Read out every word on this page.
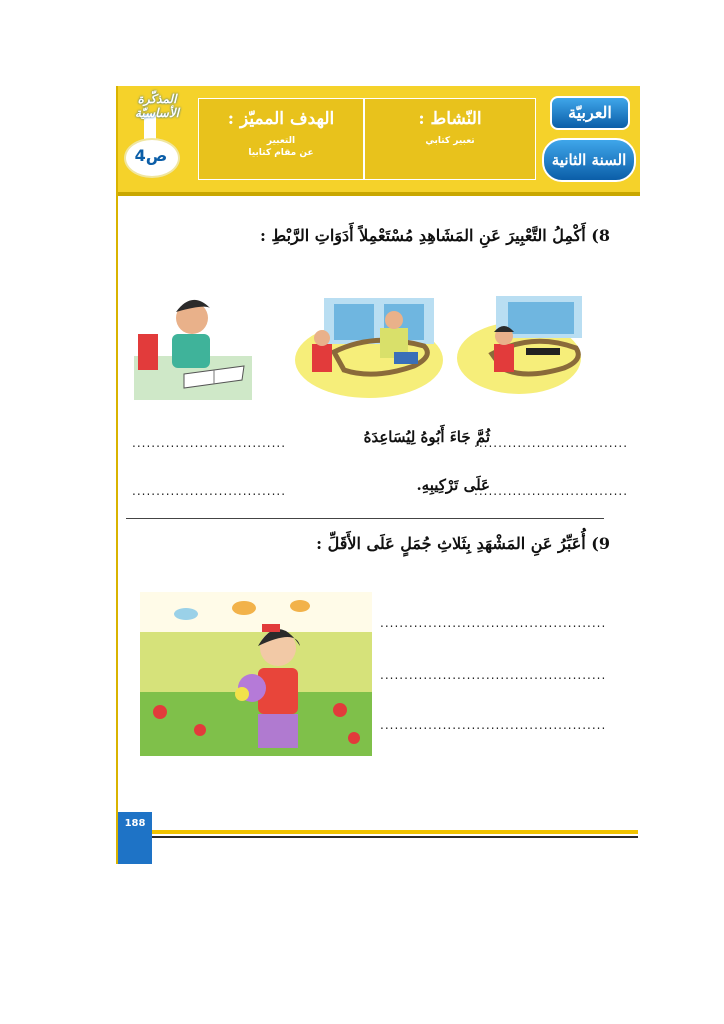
المذكّرة الأساسيّة
4ص
الهدف المميّز :
التعبير
عن مقام كتابيا
النّشاط :
تعبير كتابي
العربيّة
السنة الثانية
8) أَكْمِلُ التَّعْبِيرَ عَنِ المَشَاهِدِ مُسْتَعْمِلاً أَدَوَاتِ الرَّبْطِ :
ثُمَّ جَاءَ أَبُوهُ لِيُسَاعِدَهُ
................................
................................
عَلَى تَرْكِيبِهِ.
................................
................................
9) أُعَبِّرُ عَنِ المَشْهَدِ بِثَلاثِ جُمَلٍ عَلَى الأَقَلِّ :
...............................................
...............................................
...............................................
188
